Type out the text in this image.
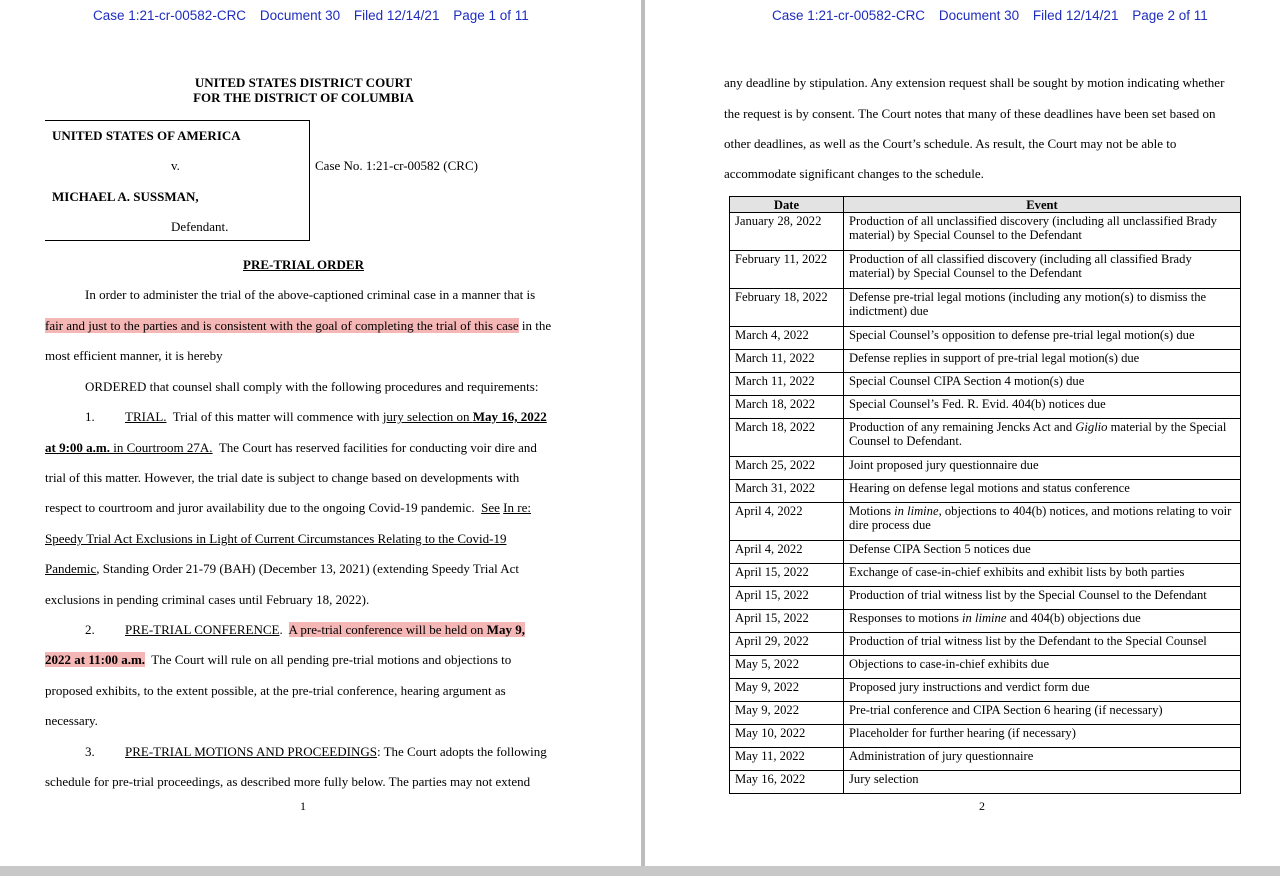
Case 1:21-cr-00582-CRC Document 30 Filed 12/14/21 Page 1 of 11
UNITED STATES DISTRICT COURT
FOR THE DISTRICT OF COLUMBIA
UNITED STATES OF AMERICA
v.
MICHAEL A. SUSSMAN,
Defendant.
Case No. 1:21-cr-00582 (CRC)
PRE-TRIAL ORDER
In order to administer the trial of the above-captioned criminal case in a manner that is
fair and just to the parties and is consistent with the goal of completing the trial of this case in the
most efficient manner, it is hereby
ORDERED that counsel shall comply with the following procedures and requirements:
1. TRIAL.  Trial of this matter will commence with jury selection on May 16, 2022
at 9:00 a.m. in Courtroom 27A.  The Court has reserved facilities for conducting voir dire and
trial of this matter. However, the trial date is subject to change based on developments with
respect to courtroom and juror availability due to the ongoing Covid-19 pandemic.  See In re:
Speedy Trial Act Exclusions in Light of Current Circumstances Relating to the Covid-19
Pandemic, Standing Order 21-79 (BAH) (December 13, 2021) (extending Speedy Trial Act
exclusions in pending criminal cases until February 18, 2022).
2. PRE-TRIAL CONFERENCE.  A pre-trial conference will be held on May 9,
2022 at 11:00 a.m.  The Court will rule on all pending pre-trial motions and objections to
proposed exhibits, to the extent possible, at the pre-trial conference, hearing argument as
necessary.
3. PRE-TRIAL MOTIONS AND PROCEEDINGS: The Court adopts the following
schedule for pre-trial proceedings, as described more fully below. The parties may not extend
1
Case 1:21-cr-00582-CRC Document 30 Filed 12/14/21 Page 2 of 11
any deadline by stipulation. Any extension request shall be sought by motion indicating whether
the request is by consent. The Court notes that many of these deadlines have been set based on
other deadlines, as well as the Court’s schedule. As result, the Court may not be able to
accommodate significant changes to the schedule.
Date	Event
January 28, 2022	Production of all unclassified discovery (including all unclassified Brady material) by Special Counsel to the Defendant
February 11, 2022	Production of all classified discovery (including all classified Brady material) by Special Counsel to the Defendant
February 18, 2022	Defense pre-trial legal motions (including any motion(s) to dismiss the indictment) due
March 4, 2022	Special Counsel’s opposition to defense pre-trial legal motion(s) due
March 11, 2022	Defense replies in support of pre-trial legal motion(s) due
March 11, 2022	Special Counsel CIPA Section 4 motion(s) due
March 18, 2022	Special Counsel’s Fed. R. Evid. 404(b) notices due
March 18, 2022	Production of any remaining Jencks Act and Giglio material by the Special Counsel to Defendant.
March 25, 2022	Joint proposed jury questionnaire due
March 31, 2022	Hearing on defense legal motions and status conference
April 4, 2022	Motions in limine, objections to 404(b) notices, and motions relating to voir dire process due
April 4, 2022	Defense CIPA Section 5 notices due
April 15, 2022	Exchange of case-in-chief exhibits and exhibit lists by both parties
April 15, 2022	Production of trial witness list by the Special Counsel to the Defendant
April 15, 2022	Responses to motions in limine and 404(b) objections due
April 29, 2022	Production of trial witness list by the Defendant to the Special Counsel
May 5, 2022	Objections to case-in-chief exhibits due
May 9, 2022	Proposed jury instructions and verdict form due
May 9, 2022	Pre-trial conference and CIPA Section 6 hearing (if necessary)
May 10, 2022	Placeholder for further hearing (if necessary)
May 11, 2022	Administration of jury questionnaire
May 16, 2022	Jury selection
2
